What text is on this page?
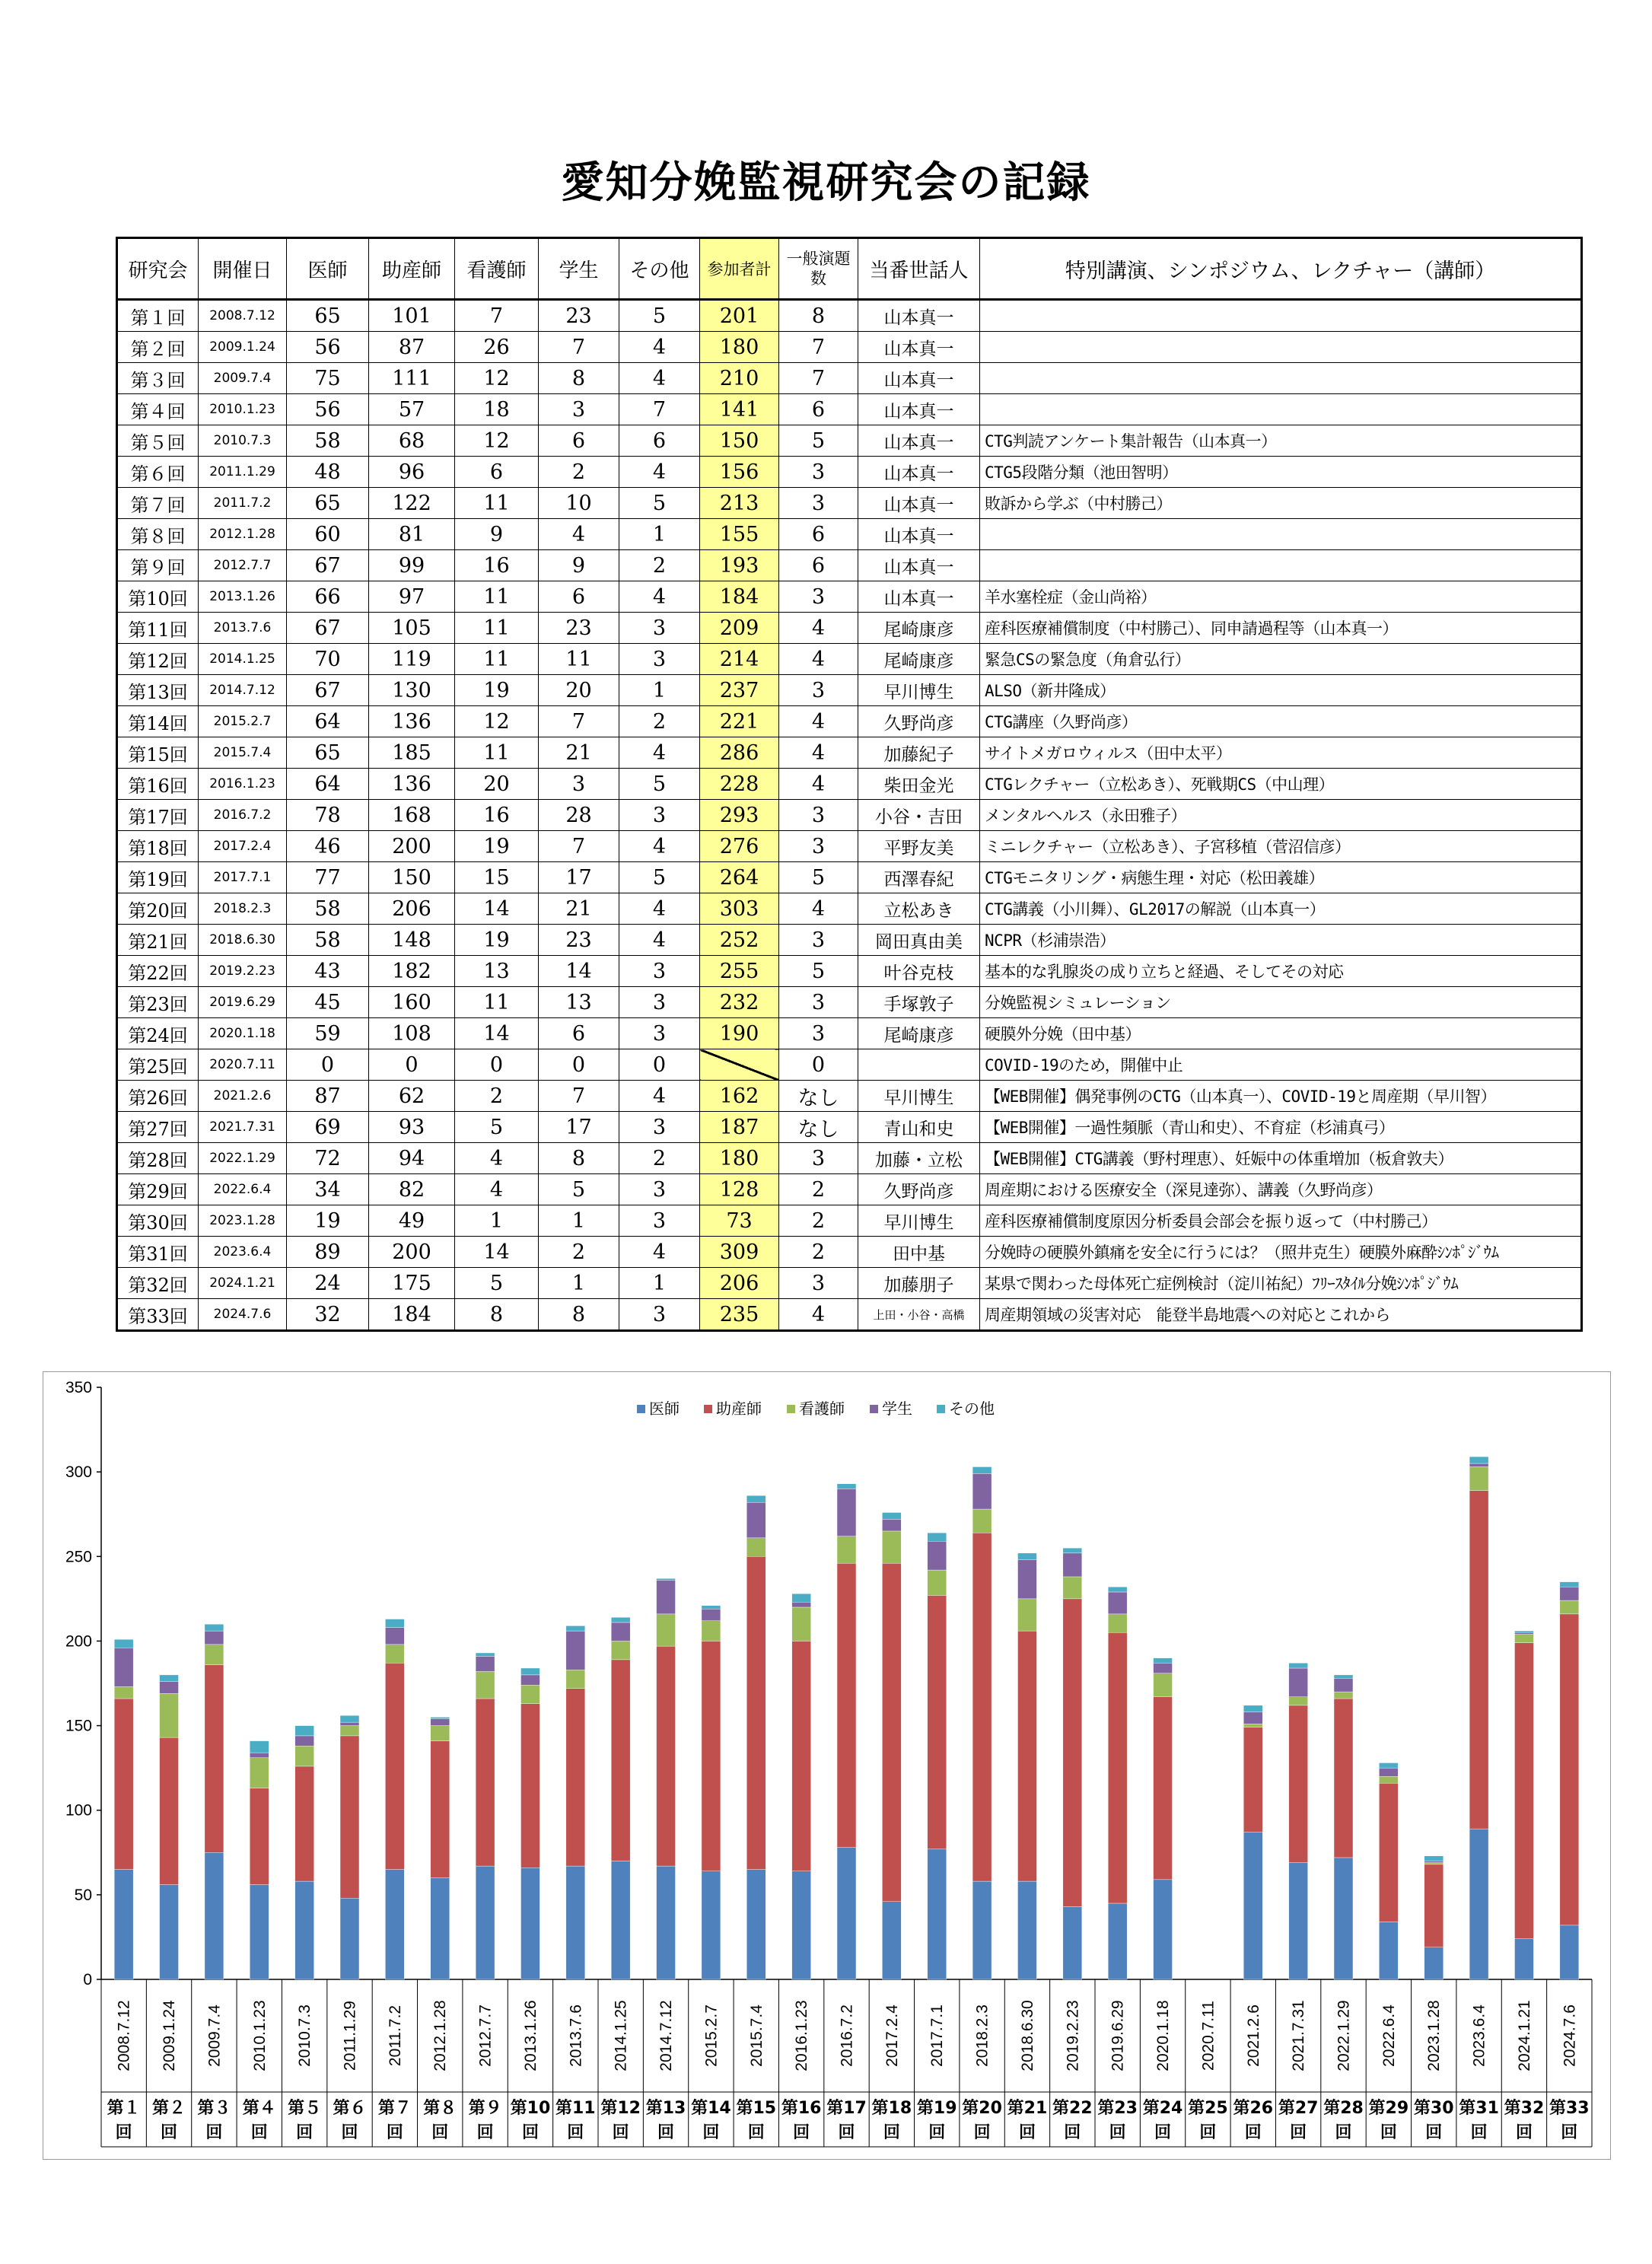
愛知分娩監視研究会の記録
研究会	開催日	医師	助産師	看護師	学生	その他	参加者計	一般演題数	当番世話人	特別講演、シンポジウム、レクチャー（講師）
第１回	2008.7.12	65	101	7	23	5	201	8	山本真一	
第２回	2009.1.24	56	87	26	7	4	180	7	山本真一	
第３回	2009.7.4	75	111	12	8	4	210	7	山本真一	
第４回	2010.1.23	56	57	18	3	7	141	6	山本真一	
第５回	2010.7.3	58	68	12	6	6	150	5	山本真一	CTG判読アンケート集計報告（山本真一）
第６回	2011.1.29	48	96	6	2	4	156	3	山本真一	CTG5段階分類（池田智明）
第７回	2011.7.2	65	122	11	10	5	213	3	山本真一	敗訴から学ぶ（中村勝己）
第８回	2012.1.28	60	81	9	4	1	155	6	山本真一	
第９回	2012.7.7	67	99	16	9	2	193	6	山本真一	
第10回	2013.1.26	66	97	11	6	4	184	3	山本真一	羊水塞栓症（金山尚裕）
第11回	2013.7.6	67	105	11	23	3	209	4	尾崎康彦	産科医療補償制度（中村勝己）、同申請過程等（山本真一）
第12回	2014.1.25	70	119	11	11	3	214	4	尾崎康彦	緊急CSの緊急度（角倉弘行）
第13回	2014.7.12	67	130	19	20	1	237	3	早川博生	ALSO（新井隆成）
第14回	2015.2.7	64	136	12	7	2	221	4	久野尚彦	CTG講座（久野尚彦）
第15回	2015.7.4	65	185	11	21	4	286	4	加藤紀子	サイトメガロウィルス（田中太平）
第16回	2016.1.23	64	136	20	3	5	228	4	柴田金光	CTGレクチャー（立松あき）、死戦期CS（中山理）
第17回	2016.7.2	78	168	16	28	3	293	3	小谷・吉田	メンタルヘルス（永田雅子）
第18回	2017.2.4	46	200	19	7	4	276	3	平野友美	ミニレクチャー（立松あき）、子宮移植（菅沼信彦）
第19回	2017.7.1	77	150	15	17	5	264	5	西澤春紀	CTGモニタリング・病態生理・対応（松田義雄）
第20回	2018.2.3	58	206	14	21	4	303	4	立松あき	CTG講義（小川舞）、GL2017の解説（山本真一）
第21回	2018.6.30	58	148	19	23	4	252	3	岡田真由美	NCPR（杉浦崇浩）
第22回	2019.2.23	43	182	13	14	3	255	5	叶谷克枝	基本的な乳腺炎の成り立ちと経過、そしてその対応
第23回	2019.6.29	45	160	11	13	3	232	3	手塚敦子	分娩監視シミュレーション
第24回	2020.1.18	59	108	14	6	3	190	3	尾崎康彦	硬膜外分娩（田中基）
第25回	2020.7.11	0	0	0	0	0		0		COVID-19のため，開催中止
第26回	2021.2.6	87	62	2	7	4	162	なし	早川博生	【WEB開催】偶発事例のCTG（山本真一）、COVID-19と周産期（早川智）
第27回	2021.7.31	69	93	5	17	3	187	なし	青山和史	【WEB開催】一過性頻脈（青山和史）、不育症（杉浦真弓）
第28回	2022.1.29	72	94	4	8	2	180	3	加藤・立松	【WEB開催】CTG講義（野村理恵）、妊娠中の体重増加（板倉敦夫）
第29回	2022.6.4	34	82	4	5	3	128	2	久野尚彦	周産期における医療安全（深見達弥）、講義（久野尚彦）
第30回	2023.1.28	19	49	1	1	3	73	2	早川博生	産科医療補償制度原因分析委員会部会を振り返って（中村勝己）
第31回	2023.6.4	89	200	14	2	4	309	2	田中基	分娩時の硬膜外鎮痛を安全に行うには？（照井克生）硬膜外麻酔ｼﾝﾎﾟｼﾞｳﾑ
第32回	2024.1.21	24	175	5	1	1	206	3	加藤朋子	某県で関わった母体死亡症例検討（淀川祐紀）ﾌﾘｰｽﾀｲﾙ分娩ｼﾝﾎﾟｼﾞｳﾑ
第33回	2024.7.6	32	184	8	8	3	235	4	上田・小谷・高橋	周産期領域の災害対応　能登半島地震への対応とこれから
0
50
100
150
200
250
300
350
2008.7.12
第１
回
2009.1.24
第２
回
2009.7.4
第３
回
2010.1.23
第４
回
2010.7.3
第５
回
2011.1.29
第６
回
2011.7.2
第７
回
2012.1.28
第８
回
2012.7.7
第９
回
2013.1.26
第10
回
2013.7.6
第11
回
2014.1.25
第12
回
2014.7.12
第13
回
2015.2.7
第14
回
2015.7.4
第15
回
2016.1.23
第16
回
2016.7.2
第17
回
2017.2.4
第18
回
2017.7.1
第19
回
2018.2.3
第20
回
2018.6.30
第21
回
2019.2.23
第22
回
2019.6.29
第23
回
2020.1.18
第24
回
2020.7.11
第25
回
2021.2.6
第26
回
2021.7.31
第27
回
2022.1.29
第28
回
2022.6.4
第29
回
2023.1.28
第30
回
2023.6.4
第31
回
2024.1.21
第32
回
2024.7.6
第33
回
医師 助産師 看護師 学生 その他
